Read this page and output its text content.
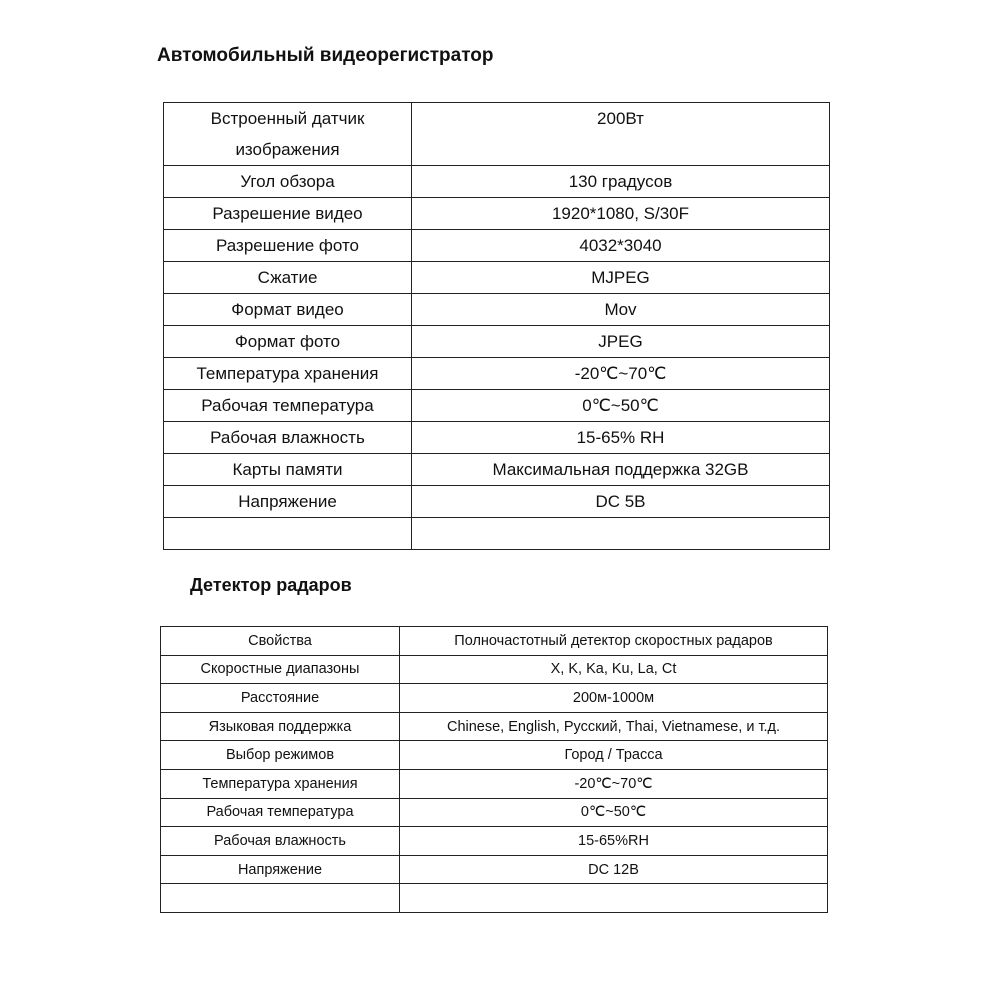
Автомобильный видеорегистратор
Встроенный датчик изображения	200Вт
Угол обзора	130 градусов
Разрешение видео	1920*1080, S/30F
Разрешение фото	4032*3040
Сжатие	MJPEG
Формат видео	Mov
Формат фото	JPEG
Температура хранения	-20℃~70℃
Рабочая температура	0℃~50℃
Рабочая влажность	15-65% RH
Карты памяти	Максимальная поддержка 32GB
Напряжение	DC 5В

Детектор радаров
Свойства	Полночастотный детектор скоростных радаров
Скоростные диапазоны	X, K, Ka, Ku, La, Ct
Расстояние	200м-1000м
Языковая поддержка	Chinese, English, Русский, Thai, Vietnamese, и т.д.
Выбор режимов	Город / Трасса
Температура хранения	-20℃~70℃
Рабочая температура	0℃~50℃
Рабочая влажность	15-65%RH
Напряжение	DC 12В
